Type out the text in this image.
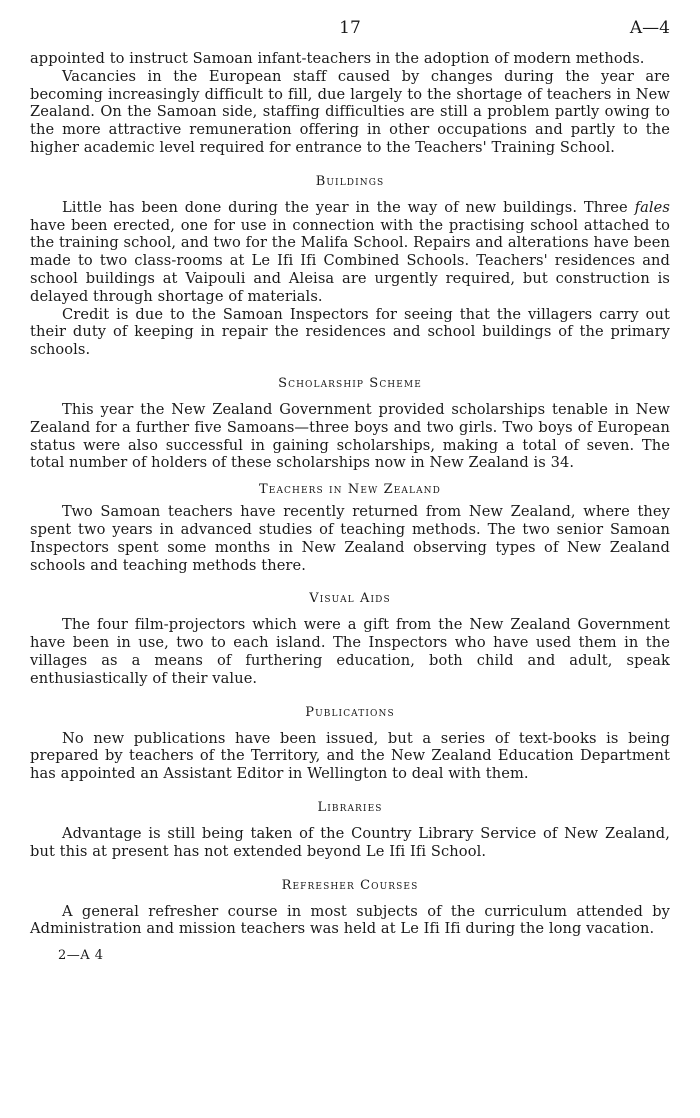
17	A—4

appointed to instruct Samoan infant-teachers in the adoption of modern methods.

Vacancies in the European staff caused by changes during the year are becoming increasingly difficult to fill, due largely to the shortage of teachers in New Zealand. On the Samoan side, staffing difficulties are still a problem partly owing to the more attractive remuneration offering in other occupations and partly to the higher academic level required for entrance to the Teachers' Training School.

Buildings

Little has been done during the year in the way of new buildings. Three fales have been erected, one for use in connection with the practising school attached to the training school, and two for the Malifa School. Repairs and alterations have been made to two class-rooms at Le Ifi Ifi Combined Schools. Teachers' residences and school buildings at Vaipouli and Aleisa are urgently required, but construction is delayed through shortage of materials.

Credit is due to the Samoan Inspectors for seeing that the villagers carry out their duty of keeping in repair the residences and school buildings of the primary schools.

Scholarship Scheme

This year the New Zealand Government provided scholarships tenable in New Zealand for a further five Samoans—three boys and two girls. Two boys of European status were also successful in gaining scholarships, making a total of seven. The total number of holders of these scholarships now in New Zealand is 34.

Teachers in New Zealand

Two Samoan teachers have recently returned from New Zealand, where they spent two years in advanced studies of teaching methods. The two senior Samoan Inspectors spent some months in New Zealand observing types of New Zealand schools and teaching methods there.

Visual Aids

The four film-projectors which were a gift from the New Zealand Government have been in use, two to each island. The Inspectors who have used them in the villages as a means of furthering education, both child and adult, speak enthusiastically of their value.

Publications

No new publications have been issued, but a series of text-books is being prepared by teachers of the Territory, and the New Zealand Education Department has appointed an Assistant Editor in Wellington to deal with them.

Libraries

Advantage is still being taken of the Country Library Service of New Zealand, but this at present has not extended beyond Le Ifi Ifi School.

Refresher Courses

A general refresher course in most subjects of the curriculum attended by Administration and mission teachers was held at Le Ifi Ifi during the long vacation.

2—A 4
